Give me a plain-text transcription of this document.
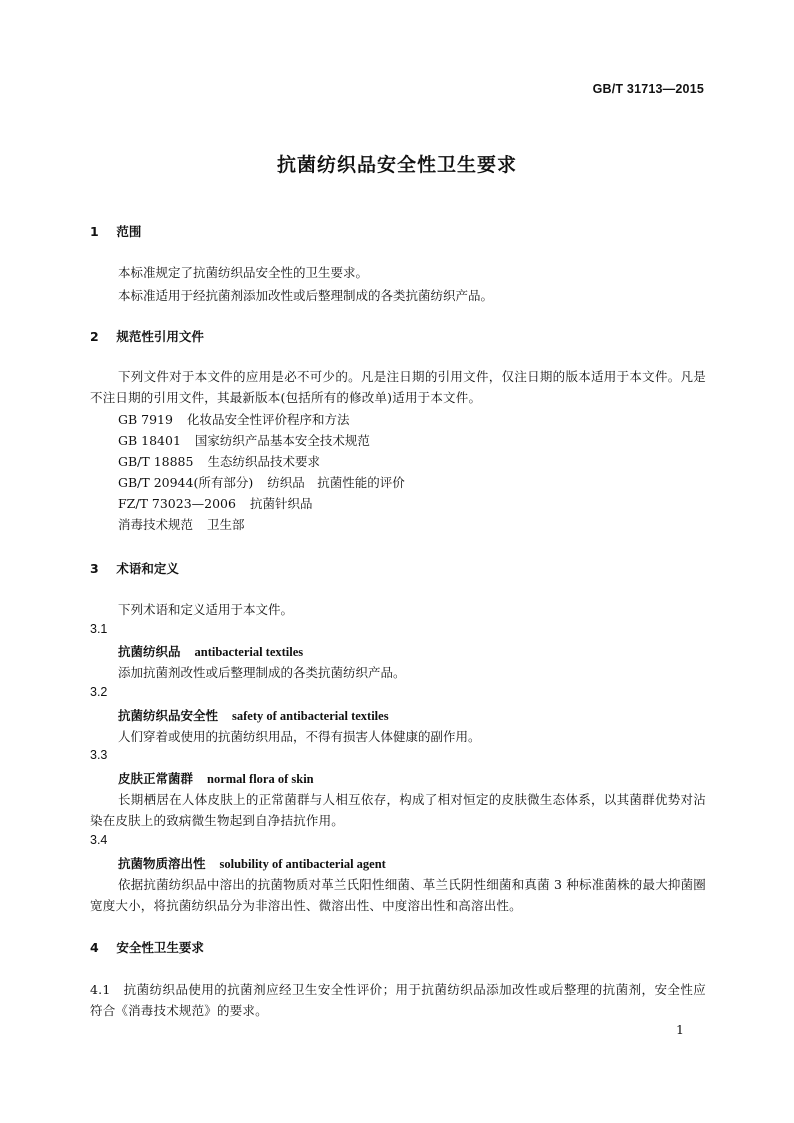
GB/T 31713—2015
抗菌纺织品安全性卫生要求
1 范围
本标准规定了抗菌纺织品安全性的卫生要求。
本标准适用于经抗菌剂添加改性或后整理制成的各类抗菌纺织产品。
2 规范性引用文件
下列文件对于本文件的应用是必不可少的。凡是注日期的引用文件，仅注日期的版本适用于本文件。凡是不注日期的引用文件，其最新版本(包括所有的修改单)适用于本文件。
GB 7919 化妆品安全性评价程序和方法
GB 18401 国家纺织产品基本安全技术规范
GB/T 18885 生态纺织品技术要求
GB/T 20944(所有部分) 纺织品　抗菌性能的评价
FZ/T 73023—2006 抗菌针织品
消毒技术规范 卫生部
3 术语和定义
下列术语和定义适用于本文件。
3.1
抗菌纺织品 antibacterial textiles
添加抗菌剂改性或后整理制成的各类抗菌纺织产品。
3.2
抗菌纺织品安全性 safety of antibacterial textiles
人们穿着或使用的抗菌纺织用品，不得有损害人体健康的副作用。
3.3
皮肤正常菌群 normal flora of skin
长期栖居在人体皮肤上的正常菌群与人相互依存，构成了相对恒定的皮肤微生态体系，以其菌群优势对沾染在皮肤上的致病微生物起到自净拮抗作用。
3.4
抗菌物质溶出性 solubility of antibacterial agent
依据抗菌纺织品中溶出的抗菌物质对革兰氏阳性细菌、革兰氏阴性细菌和真菌 3 种标准菌株的最大抑菌圈宽度大小，将抗菌纺织品分为非溶出性、微溶出性、中度溶出性和高溶出性。
4 安全性卫生要求
4.1　抗菌纺织品使用的抗菌剂应经卫生安全性评价；用于抗菌纺织品添加改性或后整理的抗菌剂，安全性应符合《消毒技术规范》的要求。
1
